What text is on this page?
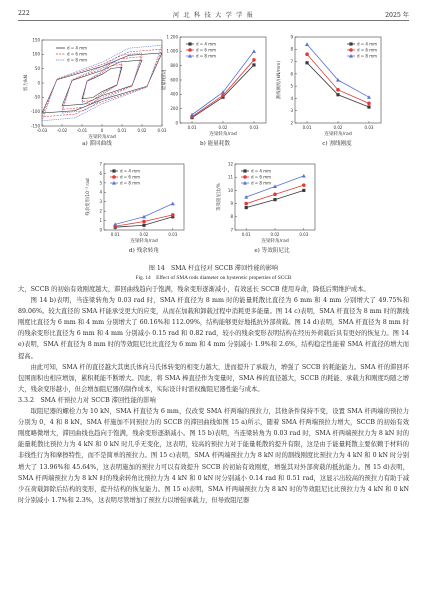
222	河 北 科 技 大 学 学 报	2025 年
0
200
400
600
800
1 000
1 200
能量耗散/J
连梁转角/rad
0.01	0.02	0.03
d = 4 mm
d = 6 mm
d = 8 mm
2
3
4
5
6
7
8
9
割线刚度/(kN/mm)
连梁转角/rad
0.01	0.02	0.03
d = 4 mm
d = 6 mm
d = 8 mm
0
1
2
3
4
5
6
7
残余变形/10⁻³ rad
连梁转角/rad
0.01	0.02	0.03
d = 4 mm
d = 6 mm
d = 8 mm
7
8
9
10
11
12
等效阻尼比/%
连梁转角/rad
0.01	0.02	0.03
d = 4 mm
d = 6 mm
d = 8 mm
-150
-100
-50
0
50
100
150
剪力/kN
连梁转角/rad
-0.03 -0.02 -0.01	0	0.01	0.02	0.03
d = 4 mm
d = 6 mm
d = 8 mm
a) 滞回曲线	b) 能量耗散	c) 割线刚度
d) 残余转角	e) 等效阻尼比
图 14　SMA 杆直径对 SCCB 滞回性能的影响
Fig. 14　Effect of SMA rods diameter on hysteretic properties of SCCB

大，SCCB 的初始有效刚度越大，滞回曲线趋向于饱满，残余变形逐渐减小，有效延长 SCCB 使用寿命，降低后期维护成本。

图 14 b)表明，当连梁转角为 0.03 rad 时，SMA 杆直径为 8 mm 时的能量耗散比直径为 6 mm 和 4 mm 分别增大了 49.75%和 89.06%。较大直径的 SMA 杆能承受更大的应变，从而在加载和卸载过程中消耗更多能量。图 14 c)表明，SMA 杆直径为 8 mm 时的割线刚度比直径为 6 mm 和 4 mm 分别增大了 60.16%和 112.09%，结构能够更好地抵抗外部荷载。图 14 d)表明，SMA 杆直径为 8 mm 时的残余变形比直径为 6 mm 和 4 mm 分别减小 0.15 rad 和 0.82 rad，较小的残余变形表明结构在经历外荷载后具有更好的恢复力。图 14 e)表明，SMA 杆直径为 8 mm 时的等效阻尼比比直径为 6 mm 和 4 mm 分别减小 1.9%和 2.6%，结构稳定性能着 SMA 杆直径的增大而提高。

由此可知，SMA 杆的直径越大其奥氏体向马氏体转变的相变力越大，进而提升了承载力，增强了 SCCB 的耗能能力。SMA 杆的滞回环包围面积也相应增加，累积耗能不断增大。因此，将 SMA 棒直径作为变量时，SMA 棒的直径越大，SCCB 的耗能、承载力和刚度均随之增大，残余变形越小，但会增加阻尼器的制作成本，实际设计时需权衡阻尼器性能与成本。

3.3.2　SMA 杆预拉力对 SCCB 滞回性能的影响

取阻尼器的螺栓力为 10 kN，SMA 杆直径为 6 mm，仅改变 SMA 杆两端的预拉力，其他条件保持不变，设置 SMA 杆两端的预拉力分别为 0、4 和 8 kN。SMA 杆施加不同预拉力的 SCCB 的滞回曲线如图 15 a)所示，随着 SMA 杆两端预拉力增大，SCCB 的初始有效刚度略微增大，滞回曲线也趋向于饱满，残余变形逐渐减小。图 15 b)表明，当连梁转角为 0.03 rad 时，SMA 杆两端预拉力为 8 kN 时的能量耗散比预拉力为 4 kN 和 0 kN 时几乎无变化，这表明，较高的预拉力对于能量耗散的提升有限，这是由于能量耗散主要依赖于材料的非线性行为和摩擦特性，而不是简单的预拉力。图 15 c)表明，SMA 杆两端预拉力为 8 kN 时的割线刚度比预拉力为 4 kN 和 0 kN 时分别增大了 13.96%和 45.64%，这表明施加的预拉力可以有效提升 SCCB 的初始有效刚度，增强其对外部荷载的抵抗能力。图 15 d)表明，SMA 杆两端预拉力为 8 kN 时的残余转角比预拉力为 4 kN 和 0 kN 时分别减小 0.14 rad 和 0.51 rad，这显示出较高的预拉力有助于减少在荷载卸除后结构的变形，提升结构的恢复能力。图 15 e)表明，SMA 杆两端预拉力为 8 kN 时的等效阻尼比比预拉力为 4 kN 和 0 kN 时分别减小 1.7%和 2.3%，这表明尽管增加了预拉力以增强承载力，但导致阻尼器
